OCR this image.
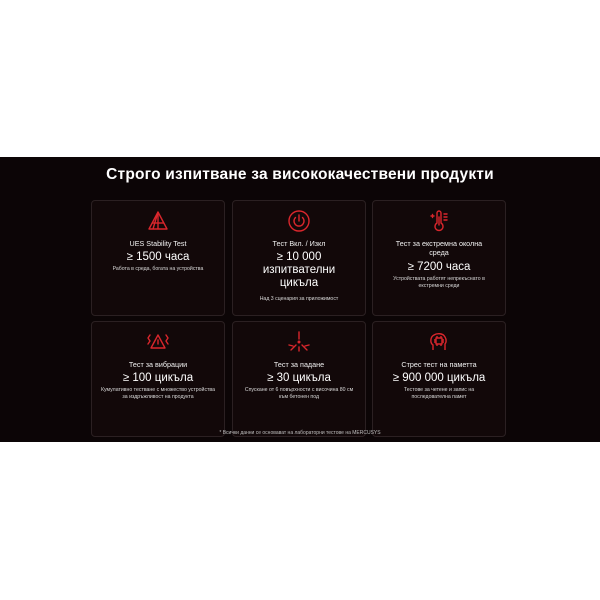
Строго изпитване за висококачествени продукти
UES Stability Test
≥ 1500 часа
Работа в среда, богата на устройства
Тест Вкл. / Изкл
≥ 10 000 изпитвателни цикъла
Над 3 сценария за приложимост
Тест за екстремна околна среда
≥ 7200 часа
Устройствата работят непрекъснато в екстремни среди
Тест за вибрации
≥ 100 цикъла
Кумулативно тестване с множество устройства за издръжливост на продукта
Тест за падане
≥ 30 цикъла
Спускане от 6 повърхности с височина 80 см към бетонен под
Стрес тест на паметта
≥ 900 000 цикъла
Тестове за четене и запис на последователна памет
* Всички данни се основават на лабораторни тестове на MERCUSYS
